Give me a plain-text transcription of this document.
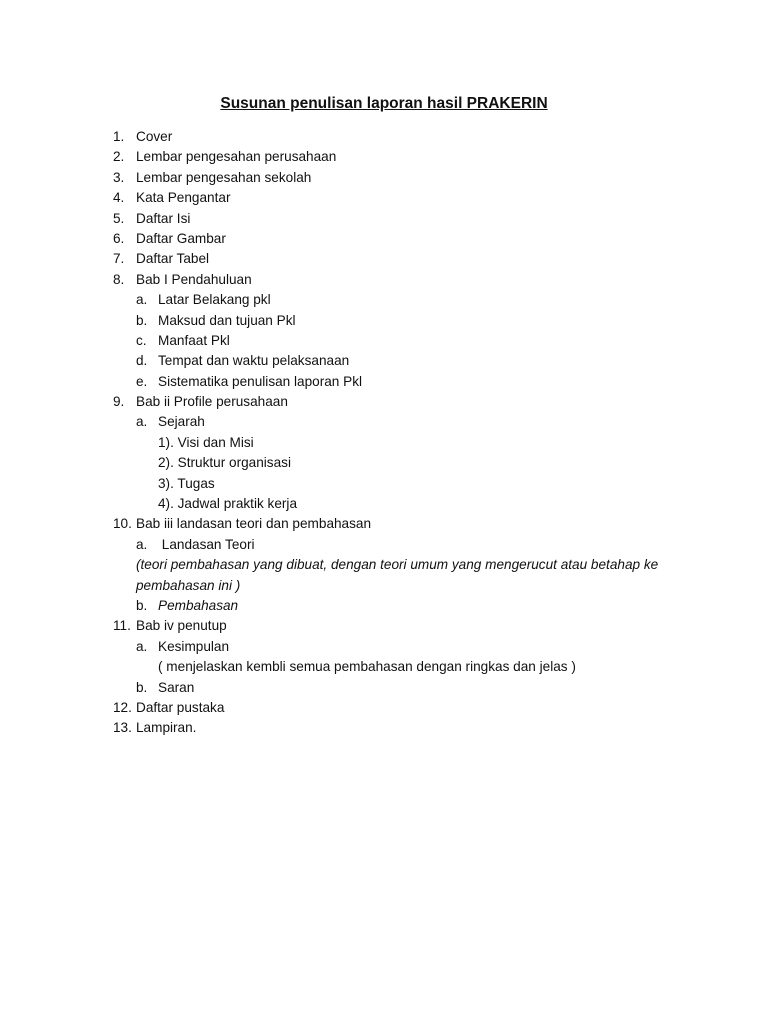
Susunan penulisan laporan hasil PRAKERIN
1. Cover
2. Lembar pengesahan perusahaan
3. Lembar pengesahan sekolah
4. Kata Pengantar
5. Daftar Isi
6. Daftar Gambar
7. Daftar Tabel
8. Bab I Pendahuluan
a. Latar Belakang pkl
b. Maksud dan tujuan Pkl
c. Manfaat Pkl
d. Tempat dan waktu pelaksanaan
e. Sistematika penulisan laporan Pkl
9. Bab ii Profile perusahaan
a. Sejarah
1). Visi dan Misi
2). Struktur organisasi
3). Tugas
4). Jadwal praktik kerja
10. Bab iii landasan teori dan pembahasan
a. Landasan Teori
(teori pembahasan yang dibuat, dengan teori umum yang mengerucut atau betahap ke
pembahasan ini )
b. Pembahasan
11. Bab iv penutup
a. Kesimpulan
( menjelaskan kembli semua pembahasan dengan ringkas dan jelas )
b. Saran
12. Daftar pustaka
13. Lampiran.
